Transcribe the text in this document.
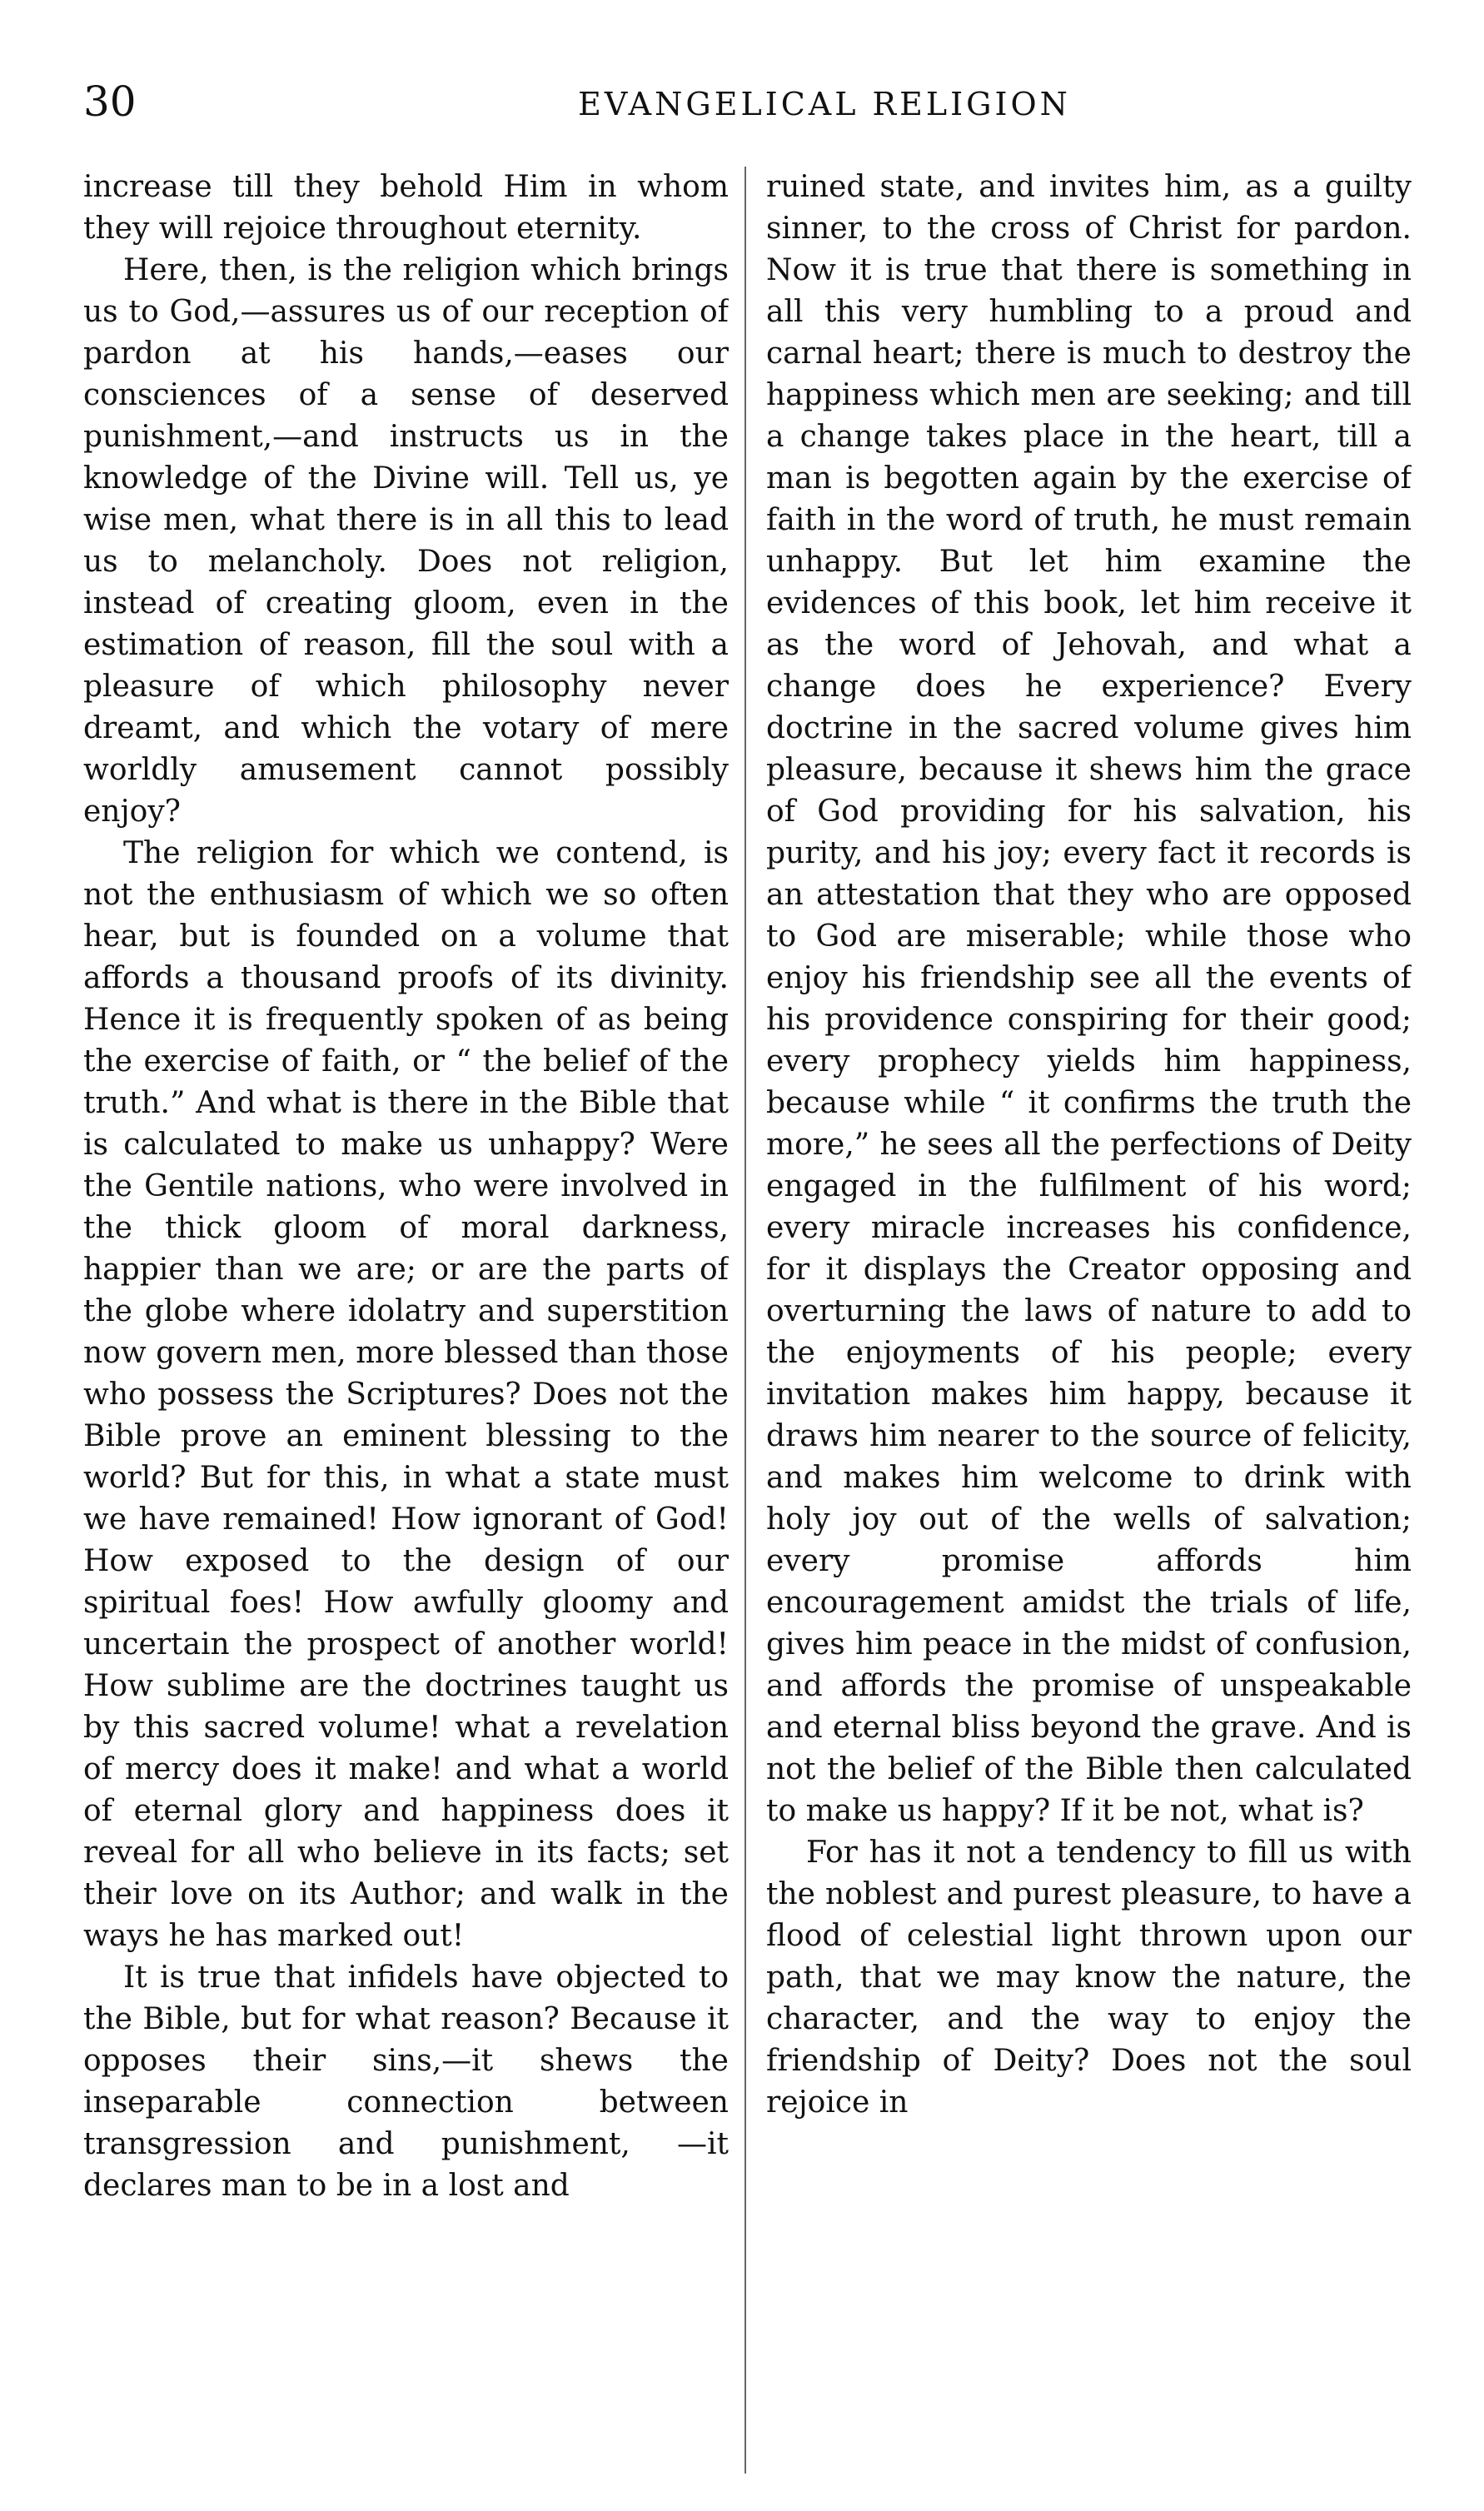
30	EVANGELICAL RELIGION

increase till they behold Him in whom they will rejoice throughout eternity.

Here, then, is the religion which brings us to God,—assures us of our reception of pardon at his hands,—eases our consciences of a sense of deserved punishment,—and instructs us in the knowledge of the Divine will. Tell us, ye wise men, what there is in all this to lead us to melancholy. Does not religion, instead of creating gloom, even in the estimation of reason, fill the soul with a pleasure of which philosophy never dreamt, and which the votary of mere worldly amusement cannot possibly enjoy?

The religion for which we contend, is not the enthusiasm of which we so often hear, but is founded on a volume that affords a thousand proofs of its divinity. Hence it is frequently spoken of as being the exercise of faith, or “ the belief of the truth.” And what is there in the Bible that is calculated to make us unhappy? Were the Gentile nations, who were involved in the thick gloom of moral darkness, happier than we are; or are the parts of the globe where idolatry and superstition now govern men, more blessed than those who possess the Scriptures? Does not the Bible prove an eminent blessing to the world? But for this, in what a state must we have remained! How ignorant of God! How exposed to the design of our spiritual foes! How awfully gloomy and uncertain the prospect of another world! How sublime are the doctrines taught us by this sacred volume! what a revelation of mercy does it make! and what a world of eternal glory and happiness does it reveal for all who believe in its facts; set their love on its Author; and walk in the ways he has marked out!

It is true that infidels have objected to the Bible, but for what reason? Because it opposes their sins,—it shews the inseparable connection between transgression and punishment, —it declares man to be in a lost and

ruined state, and invites him, as a guilty sinner, to the cross of Christ for pardon. Now it is true that there is something in all this very humbling to a proud and carnal heart; there is much to destroy the happiness which men are seeking; and till a change takes place in the heart, till a man is begotten again by the exercise of faith in the word of truth, he must remain unhappy. But let him examine the evidences of this book, let him receive it as the word of Jehovah, and what a change does he experience? Every doctrine in the sacred volume gives him pleasure, because it shews him the grace of God providing for his salvation, his purity, and his joy; every fact it records is an attestation that they who are opposed to God are miserable; while those who enjoy his friendship see all the events of his providence conspiring for their good; every prophecy yields him happiness, because while “ it confirms the truth the more,” he sees all the perfections of Deity engaged in the fulfilment of his word; every miracle increases his confidence, for it displays the Creator opposing and overturning the laws of nature to add to the enjoyments of his people; every invitation makes him happy, because it draws him nearer to the source of felicity, and makes him welcome to drink with holy joy out of the wells of salvation; every promise affords him encouragement amidst the trials of life, gives him peace in the midst of confusion, and affords the promise of unspeakable and eternal bliss beyond the grave. And is not the belief of the Bible then calculated to make us happy? If it be not, what is?

For has it not a tendency to fill us with the noblest and purest pleasure, to have a flood of celestial light thrown upon our path, that we may know the nature, the character, and the way to enjoy the friendship of Deity? Does not the soul rejoice in
